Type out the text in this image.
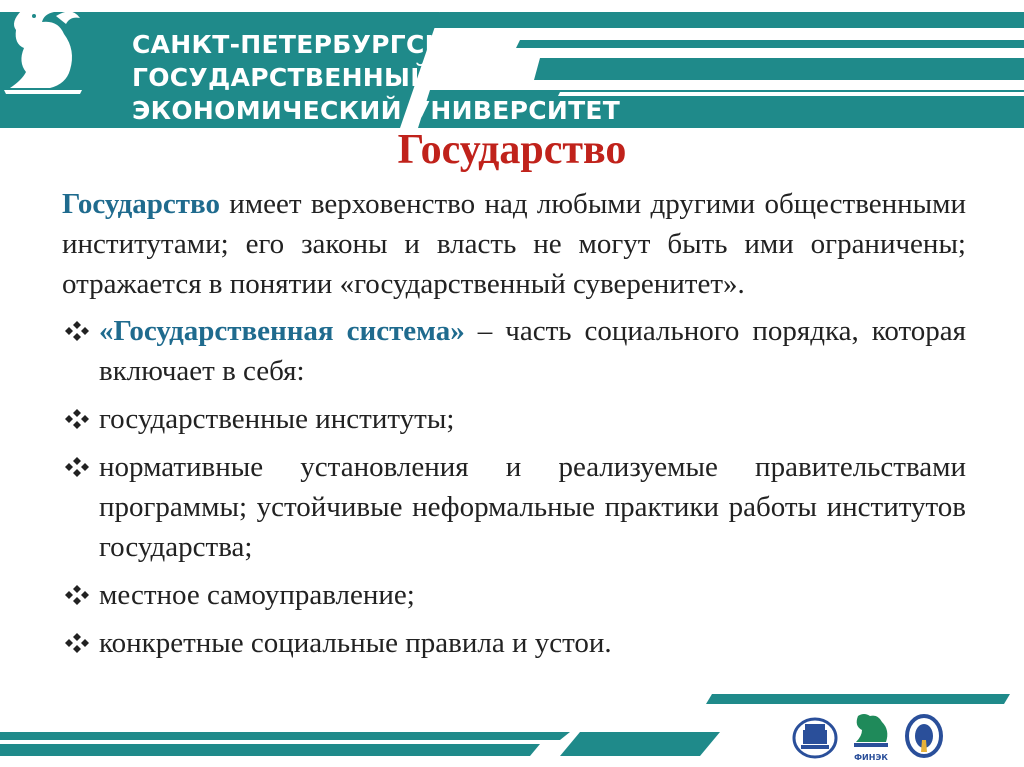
САНКТ-ПЕТЕРБУРГСКИЙ
ГОСУДАРСТВЕННЫЙ
ЭКОНОМИЧЕСКИЙ УНИВЕРСИТЕТ
Государство

Государство имеет верховенство над любыми другими общественными институтами; его законы и власть не могут быть ими ограничены; отражается в понятии «государственный суверенитет».

«Государственная система» – часть социального порядка, которая включает в себя:
государственные институты;
нормативные установления и реализуемые правительствами программы; устойчивые неформальные практики работы институтов государства;
местное самоуправление;
конкретные социальные правила и устои.
ФИНЭК
